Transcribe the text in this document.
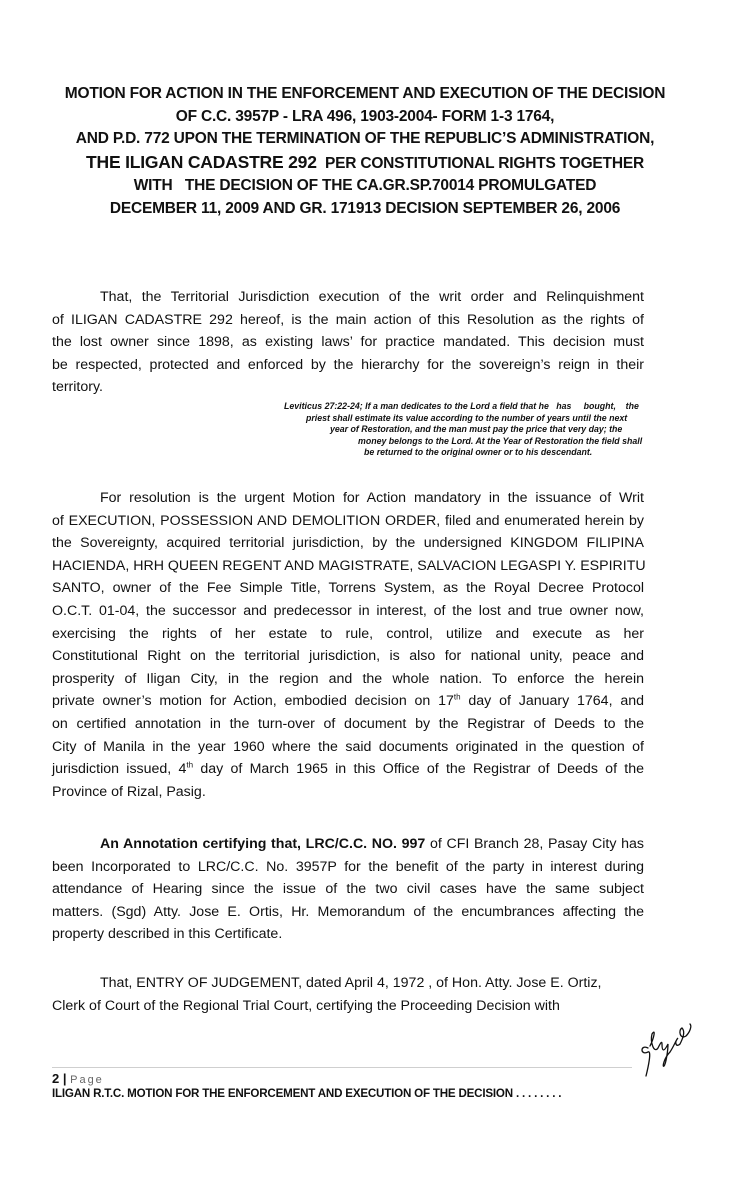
MOTION FOR ACTION IN THE ENFORCEMENT AND EXECUTION OF THE DECISION
OF C.C. 3957P - LRA 496, 1903-2004- FORM 1-3 1764,
AND P.D. 772 UPON THE TERMINATION OF THE REPUBLIC’S ADMINISTRATION,
THE ILIGAN CADASTRE 292 PER CONSTITUTIONAL RIGHTS TOGETHER
WITH   THE DECISION OF THE CA.GR.SP.70014 PROMULGATED
DECEMBER 11, 2009 AND GR. 171913 DECISION SEPTEMBER 26, 2006
That, the Territorial Jurisdiction execution of the writ order and Relinquishment
of ILIGAN CADASTRE 292 hereof, is the main action of this Resolution as the rights of
the lost owner since 1898, as existing laws’ for practice mandated. This decision must
be respected, protected and enforced by the hierarchy for the sovereign’s reign in their
territory.
Leviticus 27:22-24; If a man dedicates to the Lord a field that he   has     bought,    the
priest shall estimate its value according to the number of years until the next
year of Restoration, and the man must pay the price that very day; the
money belongs to the Lord. At the Year of Restoration the field shall
be returned to the original owner or to his descendant.
For resolution is the urgent Motion for Action mandatory in the issuance of Writ
of EXECUTION, POSSESSION AND DEMOLITION ORDER, filed and enumerated herein by
the Sovereignty, acquired territorial jurisdiction, by the undersigned KINGDOM FILIPINA
HACIENDA, HRH QUEEN REGENT AND MAGISTRATE, SALVACION LEGASPI Y. ESPIRITU
SANTO, owner of the Fee Simple Title, Torrens System, as the Royal Decree Protocol
O.C.T. 01-04, the successor and predecessor in interest, of the lost and true owner now,
exercising the rights of her estate to rule, control, utilize and execute as her
Constitutional Right on the territorial jurisdiction, is also for national unity, peace and
prosperity of Iligan City, in the region and the whole nation. To enforce the herein
private owner’s motion for Action, embodied decision on 17th day of January 1764, and
on certified annotation in the turn-over of document by the Registrar of Deeds to the
City of Manila in the year 1960 where the said documents originated in the question of
jurisdiction issued, 4th day of March 1965 in this Office of the Registrar of Deeds of the
Province of Rizal, Pasig.
An Annotation certifying that, LRC/C.C. NO. 997 of CFI Branch 28, Pasay City has
been Incorporated to LRC/C.C. No. 3957P for the benefit of the party in interest during
attendance of Hearing since the issue of the two civil cases have the same subject
matters. (Sgd) Atty. Jose E. Ortis, Hr. Memorandum of the encumbrances affecting the
property described in this Certificate.
That, ENTRY OF JUDGEMENT, dated April 4, 1972 , of Hon. Atty. Jose E. Ortiz,
Clerk of Court of the Regional Trial Court, certifying the Proceeding Decision with
2 | Page
ILIGAN R.T.C. MOTION FOR THE ENFORCEMENT AND EXECUTION OF THE DECISION . . . . . . . .
